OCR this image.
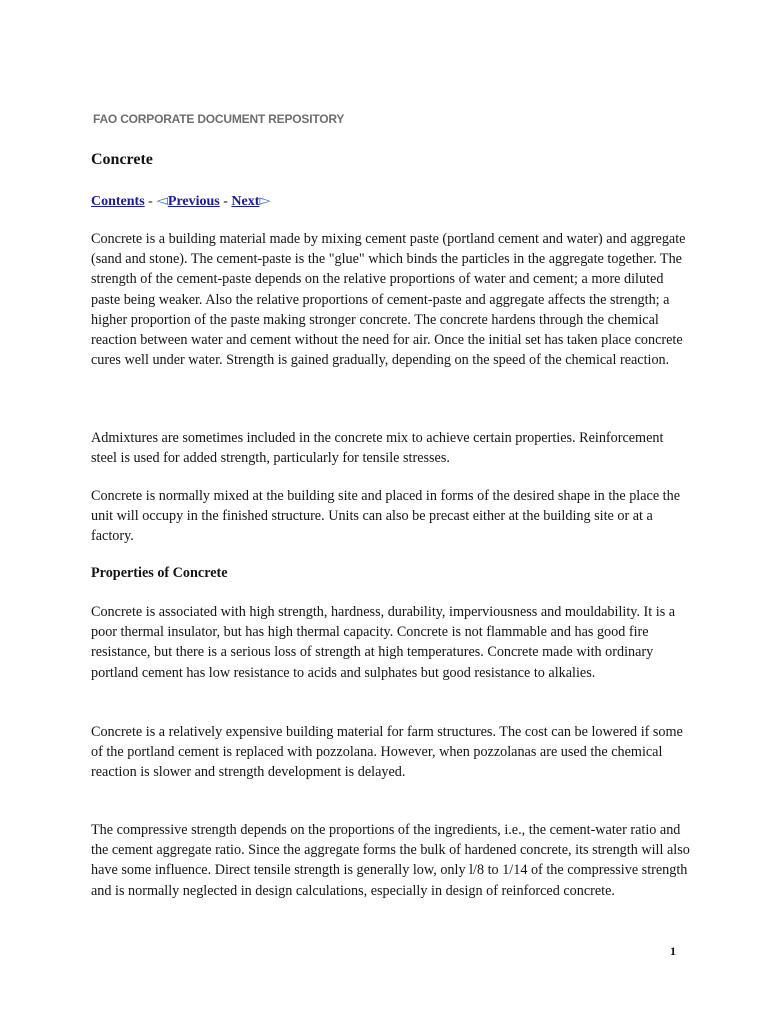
FAO CORPORATE DOCUMENT REPOSITORY
Concrete
Contents - ◅Previous - Next▻

Concrete is a building material made by mixing cement paste (portland cement and water) and aggregate (sand and stone). The cement-paste is the "glue" which binds the particles in the aggregate together. The strength of the cement-paste depends on the relative proportions of water and cement; a more diluted paste being weaker. Also the relative proportions of cement-paste and aggregate affects the strength; a higher proportion of the paste making stronger concrete. The concrete hardens through the chemical reaction between water and cement without the need for air. Once the initial set has taken place concrete cures well under water. Strength is gained gradually, depending on the speed of the chemical reaction.

Admixtures are sometimes included in the concrete mix to achieve certain properties. Reinforcement steel is used for added strength, particularly for tensile stresses.

Concrete is normally mixed at the building site and placed in forms of the desired shape in the place the unit will occupy in the finished structure. Units can also be precast either at the building site or at a factory.

Properties of Concrete

Concrete is associated with high strength, hardness, durability, imperviousness and mouldability. It is a poor thermal insulator, but has high thermal capacity. Concrete is not flammable and has good fire resistance, but there is a serious loss of strength at high temperatures. Concrete made with ordinary portland cement has low resistance to acids and sulphates but good resistance to alkalies.

Concrete is a relatively expensive building material for farm structures. The cost can be lowered if some of the portland cement is replaced with pozzolana. However, when pozzolanas are used the chemical reaction is slower and strength development is delayed.

The compressive strength depends on the proportions of the ingredients, i.e., the cement-water ratio and the cement aggregate ratio. Since the aggregate forms the bulk of hardened concrete, its strength will also have some influence. Direct tensile strength is generally low, only l/8 to 1/14 of the compressive strength and is normally neglected in design calculations, especially in design of reinforced concrete.

1
